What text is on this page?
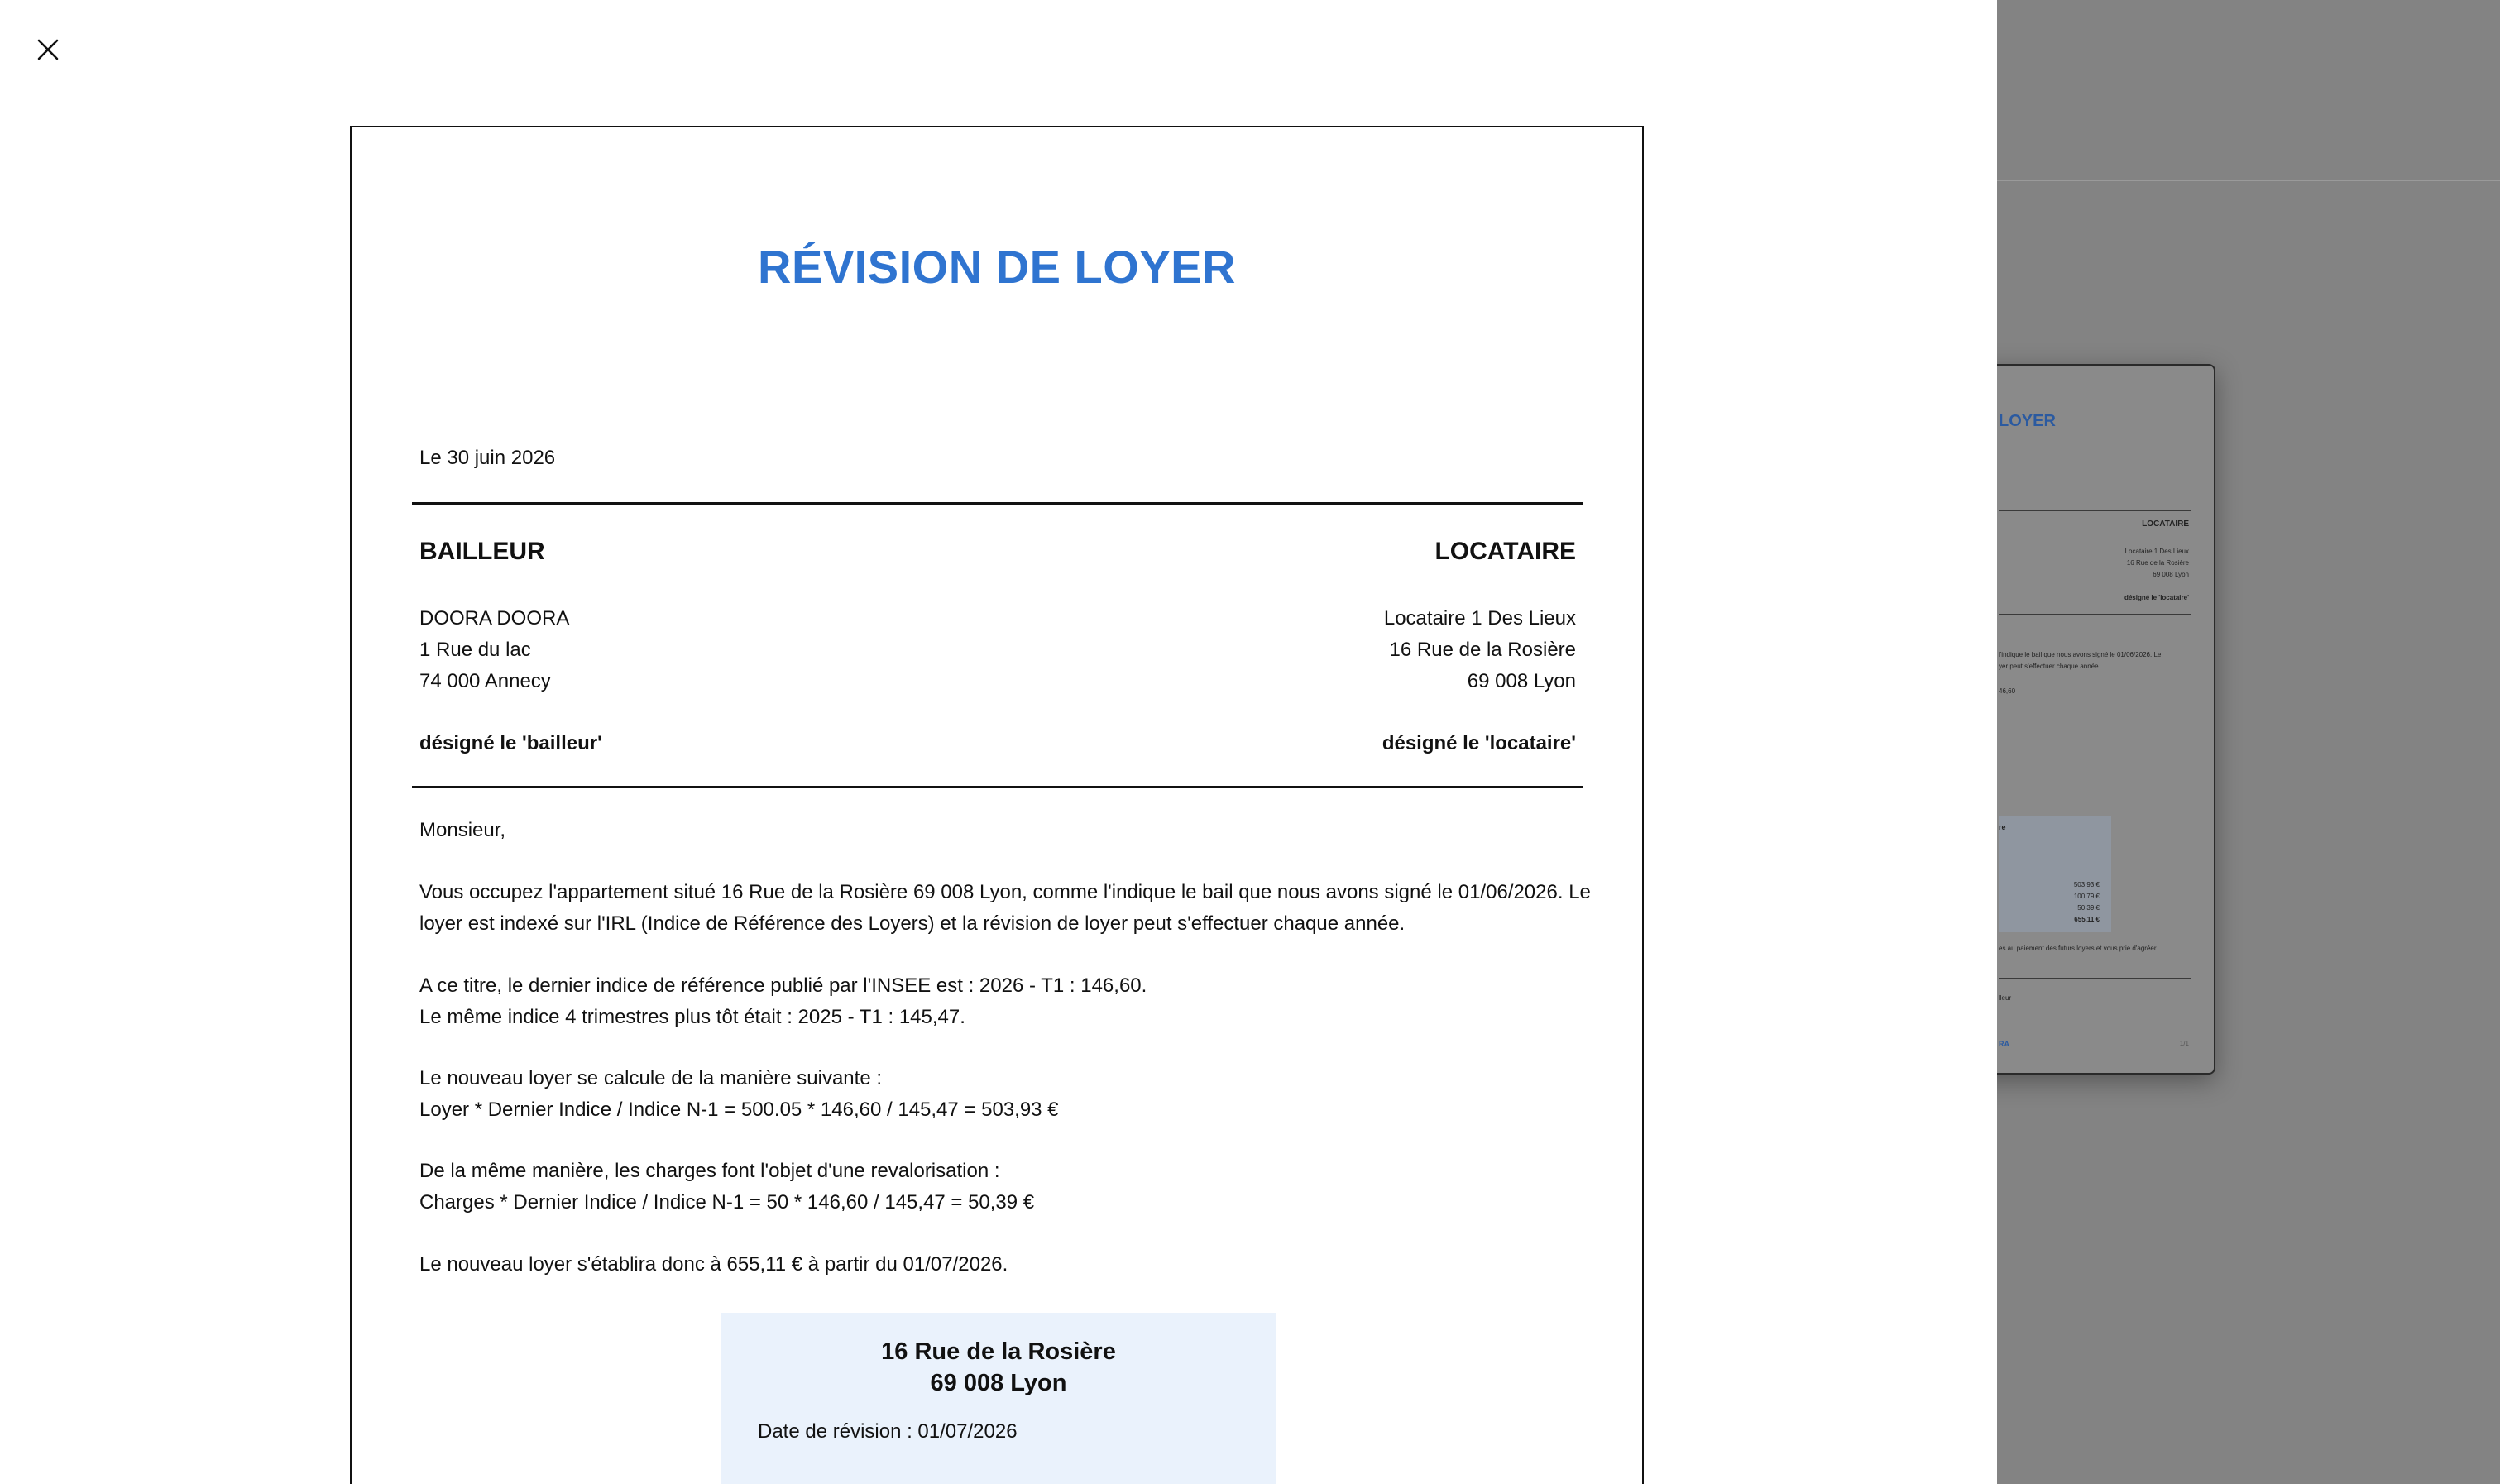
RÉVISION DE LOYER
Le 30 juin 2026
BAILLEUR	LOCATAIRE
DOORA DOORA
1 Rue du lac
74 000 Annecy
désigné le 'bailleur'
Locataire 1 Des Lieux
16 Rue de la Rosière
69 008 Lyon
désigné le 'locataire'
Monsieur,
Vous occupez l'appartement situé 16 Rue de la Rosière 69 008 Lyon, comme l'indique le bail que nous avons signé le 01/06/2026. Le
loyer est indexé sur l'IRL (Indice de Référence des Loyers) et la révision de loyer peut s'effectuer chaque année.
A ce titre, le dernier indice de référence publié par l'INSEE est : 2026 - T1 : 146,60.
Le même indice 4 trimestres plus tôt était : 2025 - T1 : 145,47.
Le nouveau loyer se calcule de la manière suivante :
Loyer * Dernier Indice / Indice N-1 = 500.05 * 146,60 / 145,47 = 503,93 €
De la même manière, les charges font l'objet d'une revalorisation :
Charges * Dernier Indice / Indice N-1 = 50 * 146,60 / 145,47 = 50,39 €
Le nouveau loyer s'établira donc à 655,11 € à partir du 01/07/2026.
16 Rue de la Rosière
69 008 Lyon
Date de révision : 01/07/2026
LOYER
LOCATAIRE
Locataire 1 Des Lieux
16 Rue de la Rosière
69 008 Lyon
désigné le 'locataire'
l'indique le bail que nous avons signé le 01/06/2026. Le
yer peut s'effectuer chaque année.
46,60
re
503,93 €
100,79 €
50,39 €
655,11 €
es au paiement des futurs loyers et vous prie d'agréer.
lleur
RA	1/1
